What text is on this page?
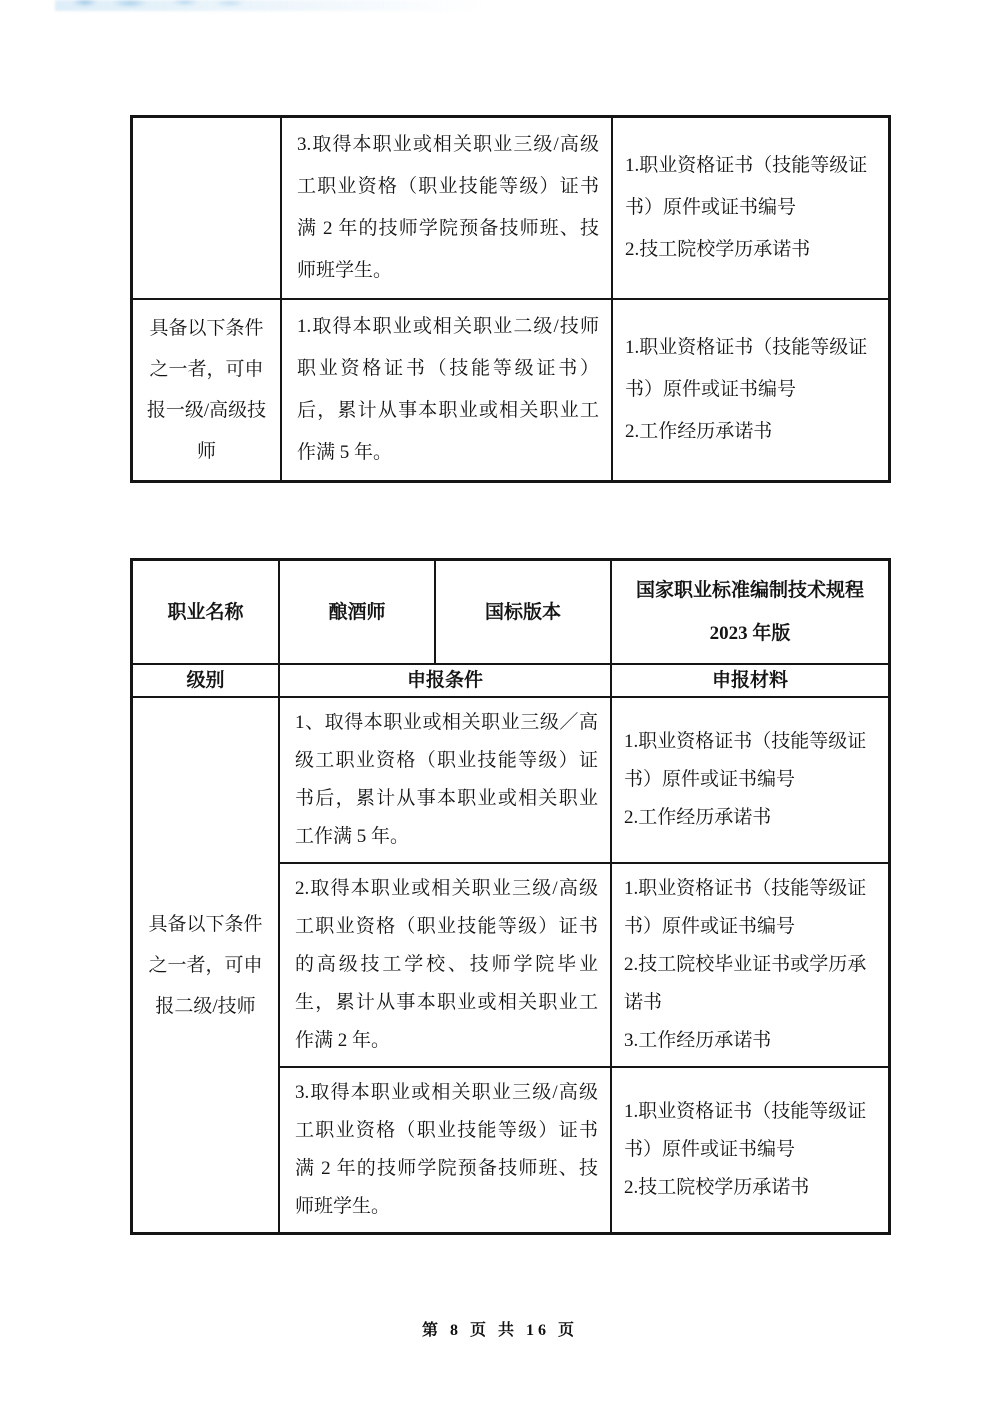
	3.取得本职业或相关职业三级/高级工职业资格（职业技能等级）证书满 2 年的技师学院预备技师班、技师班学生。	1.职业资格证书（技能等级证书）原件或证书编号
2.技工院校学历承诺书

具备以下条件之一者，可申报一级/高级技师	1.取得本职业或相关职业二级/技师职业资格证书（技能等级证书）后，累计从事本职业或相关职业工作满 5 年。	1.职业资格证书（技能等级证书）原件或证书编号
2.工作经历承诺书
职业名称	酿酒师	国标版本	国家职业标准编制技术规程
2023 年版

级别	申报条件		申报材料
具备以下条件之一者，可申报二级/技师	1、取得本职业或相关职业三级／高级工职业资格（职业技能等级）证书后，累计从事本职业或相关职业工作满 5 年。		1.职业资格证书（技能等级证书）原件或证书编号
2.工作经历承诺书

	2.取得本职业或相关职业三级/高级工职业资格（职业技能等级）证书的高级技工学校、技师学院毕业生，累计从事本职业或相关职业工作满 2 年。		1.职业资格证书（技能等级证书）原件或证书编号
2.技工院校毕业证书或学历承诺书
3.工作经历承诺书

	3.取得本职业或相关职业三级/高级工职业资格（职业技能等级）证书满 2 年的技师学院预备技师班、技师班学生。		1.职业资格证书（技能等级证书）原件或证书编号
2.技工院校学历承诺书
第 8 页 共 16 页
